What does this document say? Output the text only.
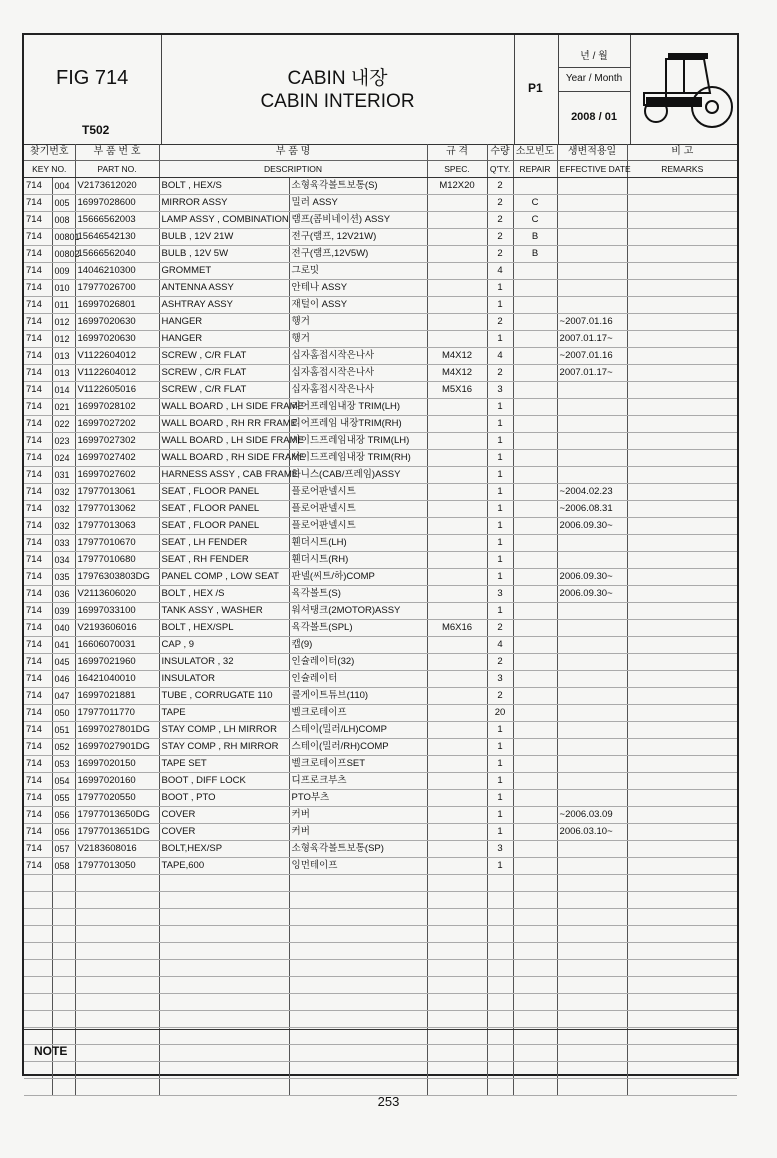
FIG 714
T502
CABIN 내장
CABIN INTERIOR
P1
년 / 월
Year / Month
2008 / 01
찾기번호		부 품 번 호	부 품 명		규 격	수량	소모빈도	생변적용일	비 고
KEY NO.		PART NO.	DESCRIPTION		SPEC.	Q'TY.	REPAIR	EFFECTIVE DATE	REMARKS
714	004	V2173612020	BOLT , HEX/S	소형육각볼트보통(S)	M12X20	2			
714	005	16997028600	MIRROR ASSY	밀러 ASSY		2	C		
714	008	15666562003	LAMP ASSY , COMBINATION	램프(콤비네이션) ASSY		2	C		
714	00801	15646542130	BULB , 12V 21W	전구(램프, 12V21W)		2	B		
714	00802	15666562040	BULB , 12V 5W	전구(램프,12V5W)		2	B		
714	009	14046210300	GROMMET	그로밋		4			
714	010	17977026700	ANTENNA ASSY	안테나 ASSY		1			
714	011	16997026801	ASHTRAY ASSY	재털이 ASSY		1			
714	012	16997020630	HANGER	행거		2		~2007.01.16	
714	012	16997020630	HANGER	행거		1		2007.01.17~	
714	013	V1122604012	SCREW , C/R FLAT	십자홈접시작은나사	M4X12	4		~2007.01.16	
714	013	V1122604012	SCREW , C/R FLAT	십자홈접시작은나사	M4X12	2		2007.01.17~	
714	014	V1122605016	SCREW , C/R FLAT	십자홈접시작은나사	M5X16	3			
714	021	16997028102	WALL BOARD , LH SIDE FRAME	리어프레임내장 TRIM(LH)		1			
714	022	16997027202	WALL BOARD , RH RR FRAME	리어프레임 내장TRIM(RH)		1			
714	023	16997027302	WALL BOARD , LH SIDE FRAME	사이드프레임내장 TRIM(LH)		1			
714	024	16997027402	WALL BOARD , RH SIDE FRAME	사이드프레임내장 TRIM(RH)		1			
714	031	16997027602	HARNESS ASSY , CAB FRAME	하니스(CAB/프레임)ASSY		1			
714	032	17977013061	SEAT , FLOOR PANEL	플로어판넬시트		1		~2004.02.23	
714	032	17977013062	SEAT , FLOOR PANEL	플로어판넬시트		1		~2006.08.31	
714	032	17977013063	SEAT , FLOOR PANEL	플로어판넬시트		1		2006.09.30~	
714	033	17977010670	SEAT , LH FENDER	휀더시트(LH)		1			
714	034	17977010680	SEAT , RH FENDER	휀더시트(RH)		1			
714	035	17976303803DG	PANEL COMP , LOW SEAT	판넬(씨트/하)COMP		1		2006.09.30~	
714	036	V2113606020	BOLT , HEX /S	육각볼트(S)		3		2006.09.30~	
714	039	16997033100	TANK ASSY , WASHER	워셔탱크(2MOTOR)ASSY		1			
714	040	V2193606016	BOLT , HEX/SPL	육각볼트(SPL)	M6X16	2			
714	041	16606070031	CAP , 9	캡(9)		4			
714	045	16997021960	INSULATOR , 32	인슐레이터(32)		2			
714	046	16421040010	INSULATOR	인슐레이터		3			
714	047	16997021881	TUBE , CORRUGATE 110	콜게이트튜브(110)		2			
714	050	17977011770	TAPE	벨크로테이프		20			
714	051	16997027801DG	STAY COMP , LH MIRROR	스테이(밀러/LH)COMP		1			
714	052	16997027901DG	STAY COMP , RH MIRROR	스테이(밀러/RH)COMP		1			
714	053	16997020150	TAPE SET	벨크로테이프SET		1			
714	054	16997020160	BOOT , DIFF LOCK	디프로크부츠		1			
714	055	17977020550	BOOT , PTO	PTO부츠		1			
714	056	17977013650DG	COVER	커버		1		~2006.03.09	
714	056	17977013651DG	COVER	커버		1		2006.03.10~	
714	057	V2183608016	BOLT,HEX/SP	소형육각볼트보통(SP)		3			
714	058	17977013050	TAPE,600	잉먼테이프		1			

NOTE
253
